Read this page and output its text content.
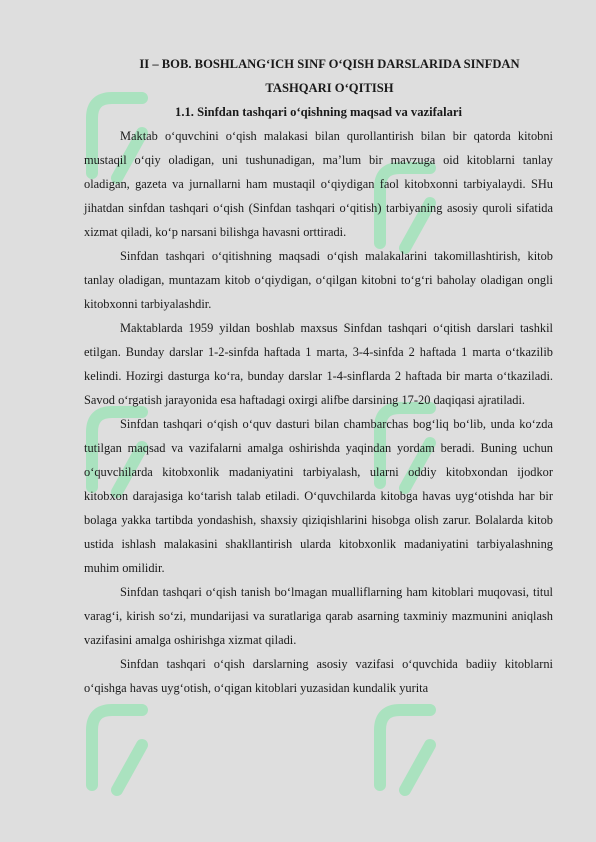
II – BOB. BOSHLANG‘ICH SINF O‘QISH DARSLARIDA SINFDAN TASHQARI O‘QITISH
1.1. Sinfdan tashqari o‘qishning maqsad va vazifalari

Maktab o‘quvchini o‘qish malakasi bilan qurollantirish bilan bir qatorda kitobni mustaqil o‘qiy oladigan, uni tushunadigan, ma’lum bir mavzuga oid kitoblarni tanlay oladigan, gazeta va jurnallarni ham mustaqil o‘qiydigan faol kitobxonni tarbiyalaydi. SHu jihatdan sinfdan tashqari o‘qish (Sinfdan tashqari o‘qitish) tarbiyaning asosiy quroli sifatida xizmat qiladi, ko‘p narsani bilishga havasni orttiradi.

Sinfdan tashqari o‘qitishning maqsadi o‘qish malakalarini takomillashtirish, kitob tanlay oladigan, muntazam kitob o‘qiydigan, o‘qilgan kitobni to‘g‘ri baholay oladigan ongli kitobxonni tarbiyalashdir.

Maktablarda 1959 yildan boshlab maxsus Sinfdan tashqari o‘qitish darslari tashkil etilgan. Bunday darslar 1-2-sinfda haftada 1 marta, 3-4-sinfda 2 haftada 1 marta o‘tkazilib kelindi. Hozirgi dasturga ko‘ra, bunday darslar 1-4-sinflarda 2 haftada bir marta o‘tkaziladi. Savod o‘rgatish jarayonida esa haftadagi oxirgi alifbe darsining 17-20 daqiqasi ajratiladi.

Sinfdan tashqari o‘qish o‘quv dasturi bilan chambarchas bog‘liq bo‘lib, unda ko‘zda tutilgan maqsad va vazifalarni amalga oshirishda yaqindan yordam beradi. Buning uchun o‘quvchilarda kitobxonlik madaniyatini tarbiyalash, ularni oddiy kitobxondan ijodkor kitobxon darajasiga ko‘tarish talab etiladi. O‘quvchilarda kitobga havas uyg‘otishda har bir bolaga yakka tartibda yondashish, shaxsiy qiziqishlarini hisobga olish zarur. Bolalarda kitob ustida ishlash malakasini shakllantirish ularda kitobxonlik madaniyatini tarbiyalashning muhim omilidir.

Sinfdan tashqari o‘qish tanish bo‘lmagan mualliflarning ham kitoblari muqovasi, titul varag‘i, kirish so‘zi, mundarijasi va suratlariga qarab asarning taxminiy mazmunini aniqlash vazifasini amalga oshirishga xizmat qiladi.

Sinfdan tashqari o‘qish darslarning asosiy vazifasi o‘quvchida badiiy kitoblarni o‘qishga havas uyg‘otish, o‘qigan kitoblari yuzasidan kundalik yurita
